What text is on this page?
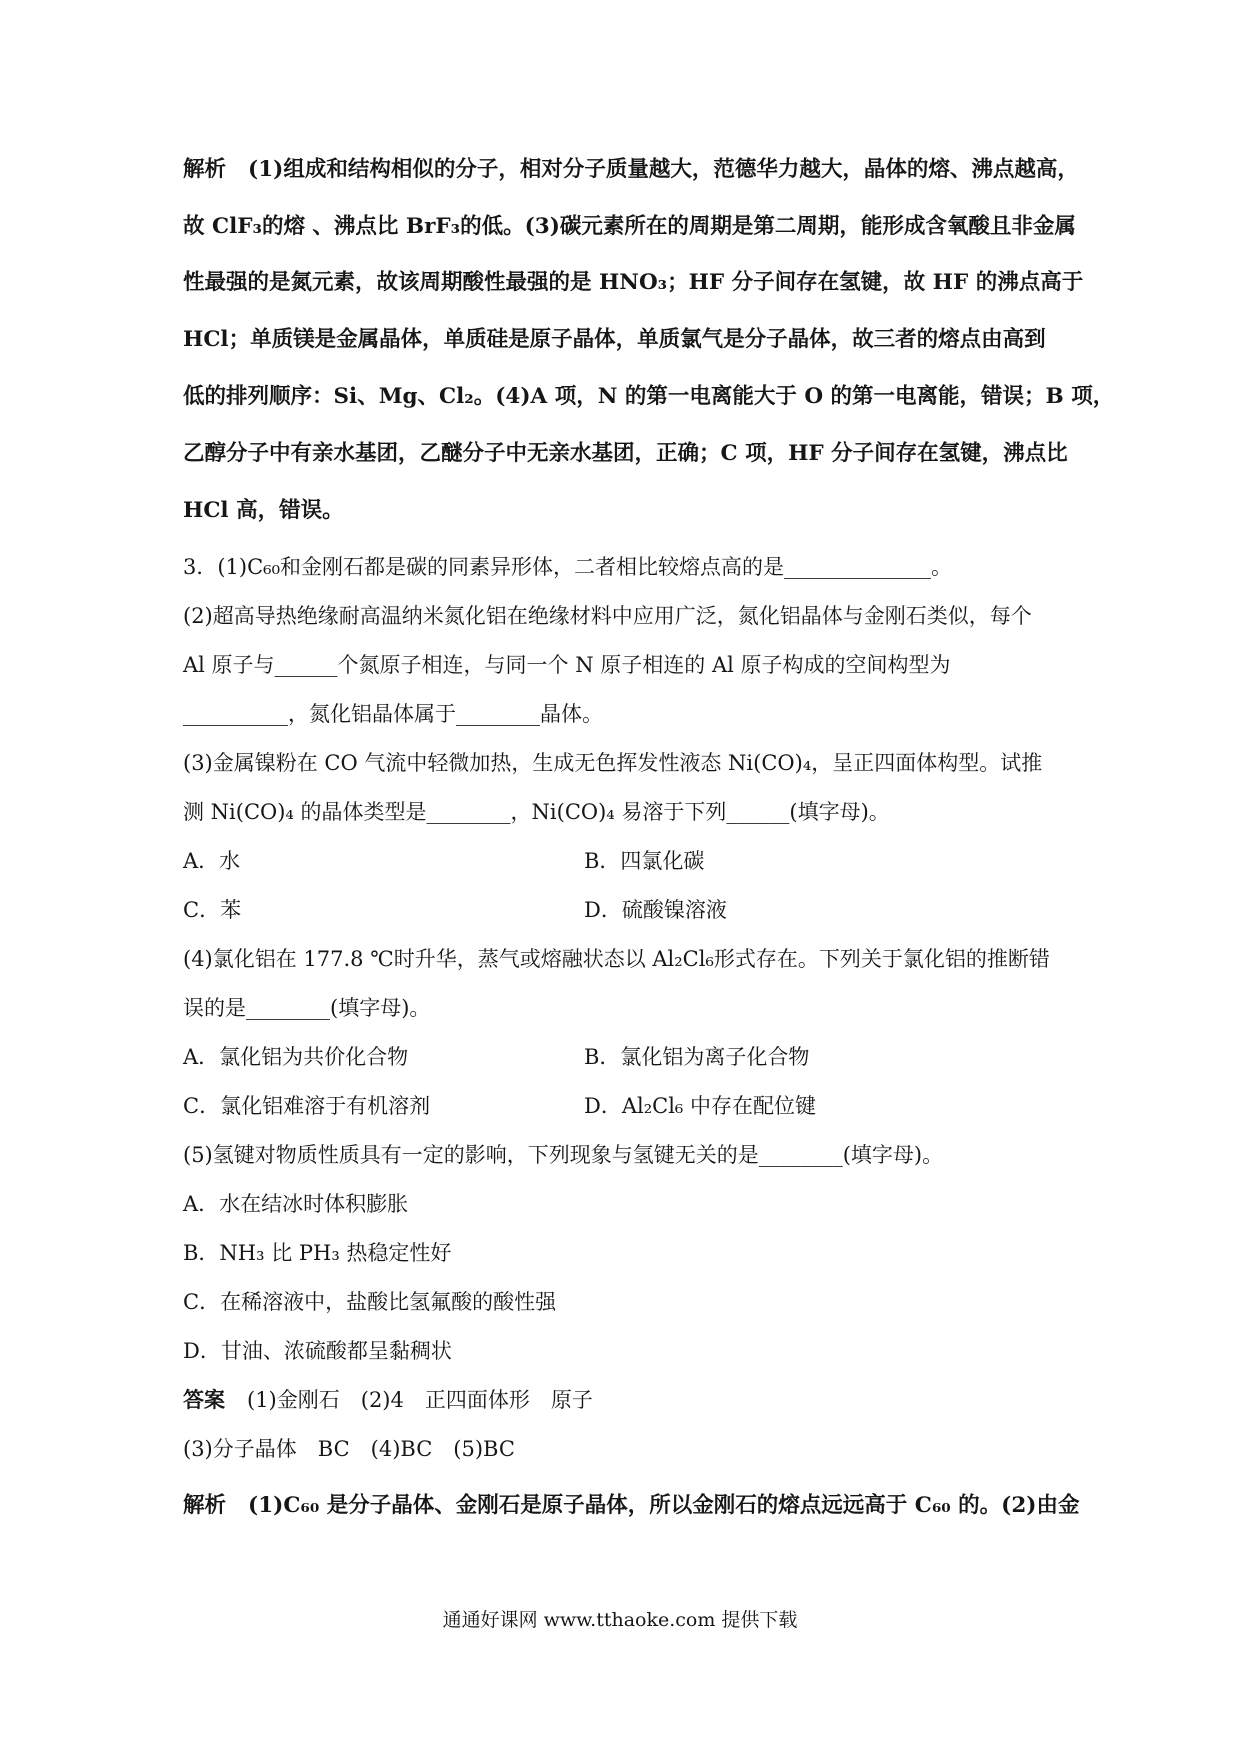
解析 (1)组成和结构相似的分子，相对分子质量越大，范德华力越大，晶体的熔、沸点越高，
故 ClF₃的熔 、沸点比 BrF₃的低。(3)碳元素所在的周期是第二周期，能形成含氧酸且非金属
性最强的是氮元素，故该周期酸性最强的是 HNO₃；HF 分子间存在氢键，故 HF 的沸点高于
HCl；单质镁是金属晶体，单质硅是原子晶体，单质氯气是分子晶体，故三者的熔点由高到
低的排列顺序：Si、Mg、Cl₂。(4)A 项，N 的第一电离能大于 O 的第一电离能，错误；B 项，
乙醇分子中有亲水基团，乙醚分子中无亲水基团，正确；C 项，HF 分子间存在氢键，沸点比
HCl 高，错误。
3．(1)C₆₀和金刚石都是碳的同素异形体，二者相比较熔点高的是______________。
(2)超高导热绝缘耐高温纳米氮化铝在绝缘材料中应用广泛，氮化铝晶体与金刚石类似，每个
Al 原子与______个氮原子相连，与同一个 N 原子相连的 Al 原子构成的空间构型为
__________，氮化铝晶体属于________晶体。
(3)金属镍粉在 CO 气流中轻微加热，生成无色挥发性液态 Ni(CO)₄，呈正四面体构型。试推
测 Ni(CO)₄ 的晶体类型是________，Ni(CO)₄ 易溶于下列______(填字母)。
A．水	B．四氯化碳
C．苯	D．硫酸镍溶液
(4)氯化铝在 177.8 ℃时升华，蒸气或熔融状态以 Al₂Cl₆形式存在。下列关于氯化铝的推断错
误的是________(填字母)。
A．氯化铝为共价化合物	B．氯化铝为离子化合物
C．氯化铝难溶于有机溶剂	D．Al₂Cl₆ 中存在配位键
(5)氢键对物质性质具有一定的影响，下列现象与氢键无关的是________(填字母)。
A．水在结冰时体积膨胀
B．NH₃ 比 PH₃ 热稳定性好
C．在稀溶液中，盐酸比氢氟酸的酸性强
D．甘油、浓硫酸都呈黏稠状
答案 (1)金刚石　(2)4　正四面体形　原子
(3)分子晶体　BC　(4)BC　(5)BC
解析 (1)C₆₀ 是分子晶体、金刚石是原子晶体，所以金刚石的熔点远远高于 C₆₀ 的。(2)由金
通通好课网 www.tthaoke.com 提供下载
